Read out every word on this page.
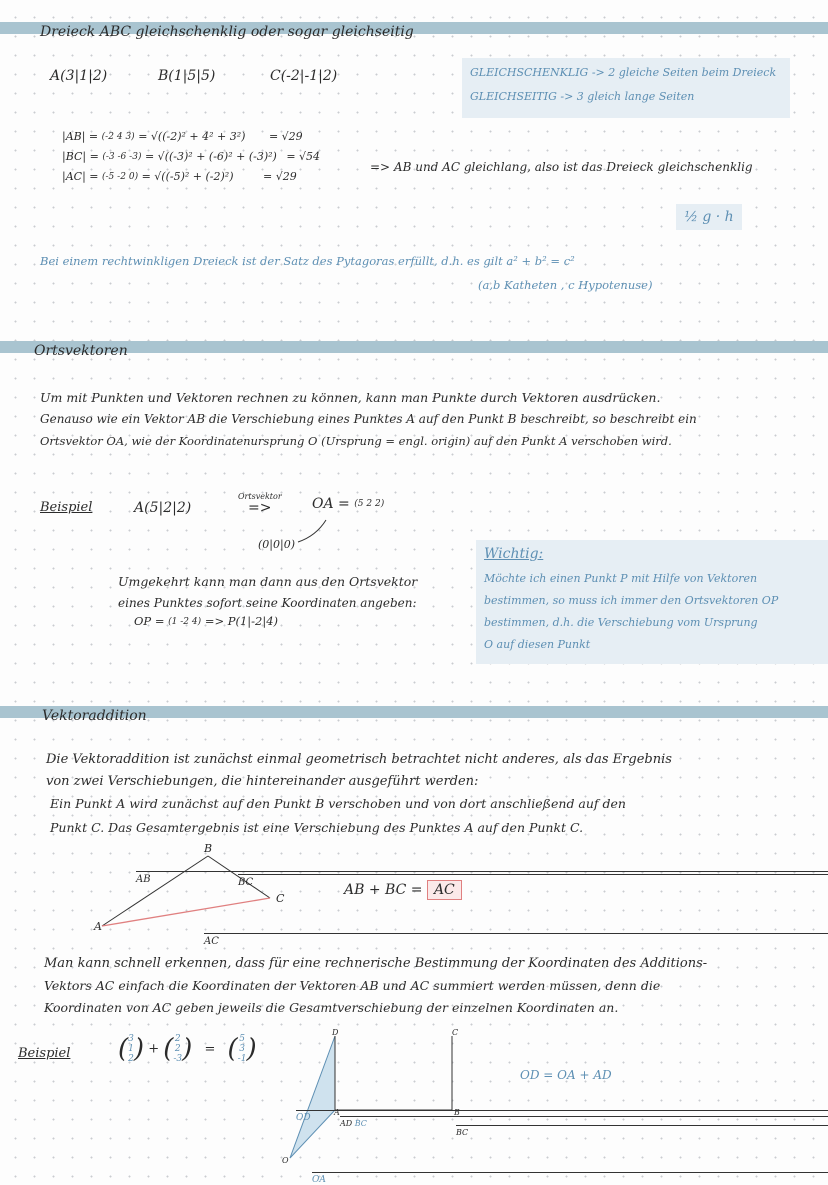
Dreieck ABC gleichschenklig oder sogar gleichseitig
A(3|1|2)	B(1|5|5)	C(-2|-1|2)	GLEICHSCHENKLIG -> 2 gleiche Seiten beim Dreieck
GLEICHSEITIG -> 3 gleich lange Seiten
|AB| = (-2 4 3) = √((-2)² + 4² + 3²) = √29
|BC| = (-3 -6 -3) = √((-3)² + (-6)² + (-3)²) = √54
|AC| = (-5 -2 0) = √((-5)² + (-2)²)	= √29
=> AB und AC gleichlang, also ist das Dreieck gleichschenklig
½ g · h
Bei einem rechtwinkligen Dreieck ist der Satz des Pytagoras erfüllt, d.h. es gilt a² + b² = c²
(a,b Katheten , c Hypotenuse)
Ortsvektoren
Um mit Punkten und Vektoren rechnen zu können, kann man Punkte durch Vektoren ausdrücken.
Genauso wie ein Vektor AB die Verschiebung eines Punktes A auf den Punkt B beschreibt, so beschreibt ein
Ortsvektor OA, wie der Koordinatenursprung O (Ursprung = engl. origin) auf den Punkt A verschoben wird.
Beispiel	A(5|2|2)
Ortsvektor
=>	OA = (5 2 2)
(0|0|0)
Umgekehrt kann man dann aus den Ortsvektor
eines Punktes sofort seine Koordinaten angeben:
OP = (1 -2 4) => P(1|-2|4)
Wichtig:
Möchte ich einen Punkt P mit Hilfe von Vektoren
bestimmen, so muss ich immer den Ortsvektoren OP
bestimmen, d.h. die Verschiebung vom Ursprung
O auf diesen Punkt
Vektoraddition
Die Vektoraddition ist zunächst einmal geometrisch betrachtet nicht anderes, als das Ergebnis
von zwei Verschiebungen, die hintereinander ausgeführt werden:
Ein Punkt A wird zunächst auf den Punkt B verschoben und von dort anschließend auf den
Punkt C. Das Gesamtergebnis ist eine Verschiebung des Punktes A auf den Punkt C.
A
B
C
AB	BC
AC
AB + BC = AC
Man kann schnell erkennen, dass für eine rechnerische Bestimmung der Koordinaten des Additions-
Vektors AC einfach die Koordinaten der Vektoren AB und AC summiert werden müssen, denn die
Koordinaten von AC geben jeweils die Gesamtverschiebung der einzelnen Koordinaten an.
Beispiel (3
1
2) + ( 2
2
-3) = ( 5
3
-1)
O
D
A	B
C
OD
OA
AD BC
BC
OD = OA + AD
